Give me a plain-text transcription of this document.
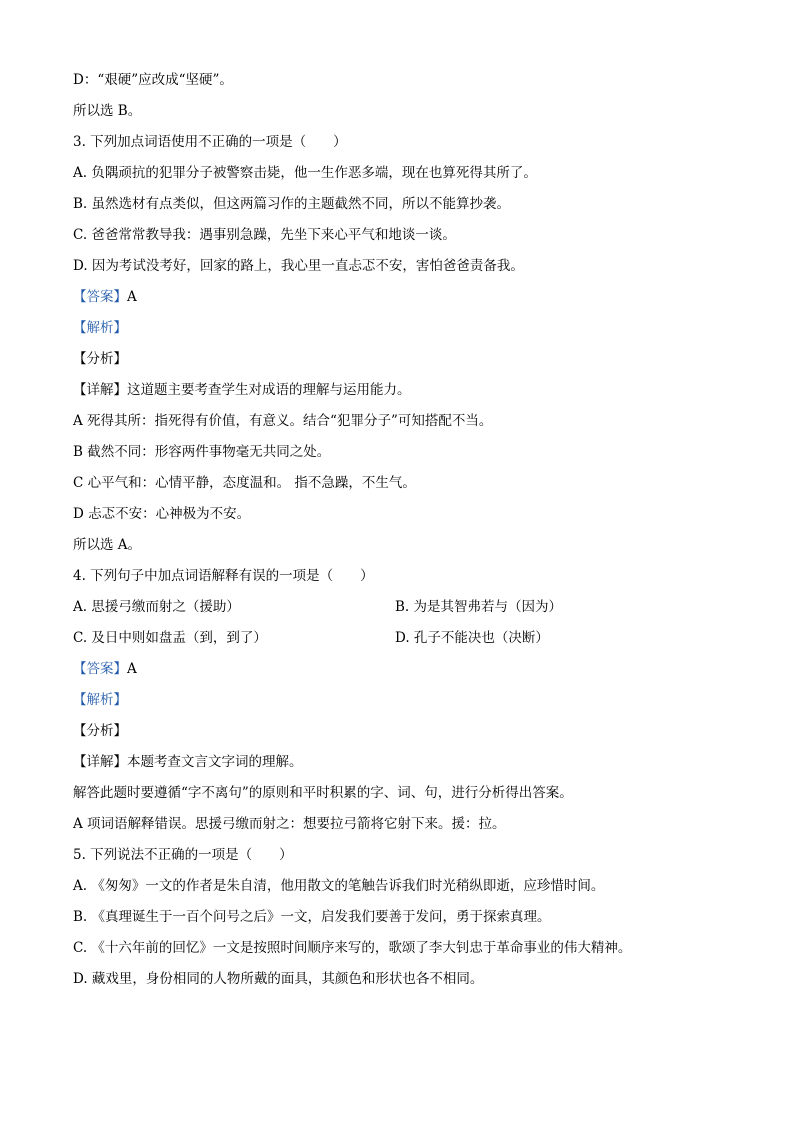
D：“艰硬”应改成“坚硬”。
所以选 B。
3. 下列加点词语使用不正确的一项是（　　）
A. 负隅顽抗的犯罪分子被警察击毙，他一生作恶多端，现在也算死得其所了。
B. 虽然选材有点类似，但这两篇习作的主题截然不同，所以不能算抄袭。
C. 爸爸常常教导我：遇事别急躁，先坐下来心平气和地谈一谈。
D. 因为考试没考好，回家的路上，我心里一直忐忑不安，害怕爸爸责备我。
【答案】A
【解析】
【分析】
【详解】这道题主要考查学生对成语的理解与运用能力。
A 死得其所：指死得有价值，有意义。结合“犯罪分子”可知搭配不当。
B 截然不同：形容两件事物毫无共同之处。
C 心平气和：心情平静，态度温和。 指不急躁，不生气。
D 忐忑不安：心神极为不安。
所以选 A。
4. 下列句子中加点词语解释有误的一项是（　　）
A. 思援弓缴而射之（援助）	B. 为是其智弗若与（因为）
C. 及日中则如盘盂（到，到了）	D. 孔子不能决也（决断）
【答案】A
【解析】
【分析】
【详解】本题考查文言文字词的理解。
解答此题时要遵循“字不离句”的原则和平时积累的字、词、句，进行分析得出答案。
A 项词语解释错误。思援弓缴而射之：想要拉弓箭将它射下来。援：拉。
5. 下列说法不正确的一项是（　　）
A. 《匆匆》一文的作者是朱自清，他用散文的笔触告诉我们时光稍纵即逝，应珍惜时间。
B. 《真理诞生于一百个问号之后》一文，启发我们要善于发问，勇于探索真理。
C. 《十六年前的回忆》一文是按照时间顺序来写的，歌颂了李大钊忠于革命事业的伟大精神。
D. 藏戏里，身份相同的人物所戴的面具，其颜色和形状也各不相同。
